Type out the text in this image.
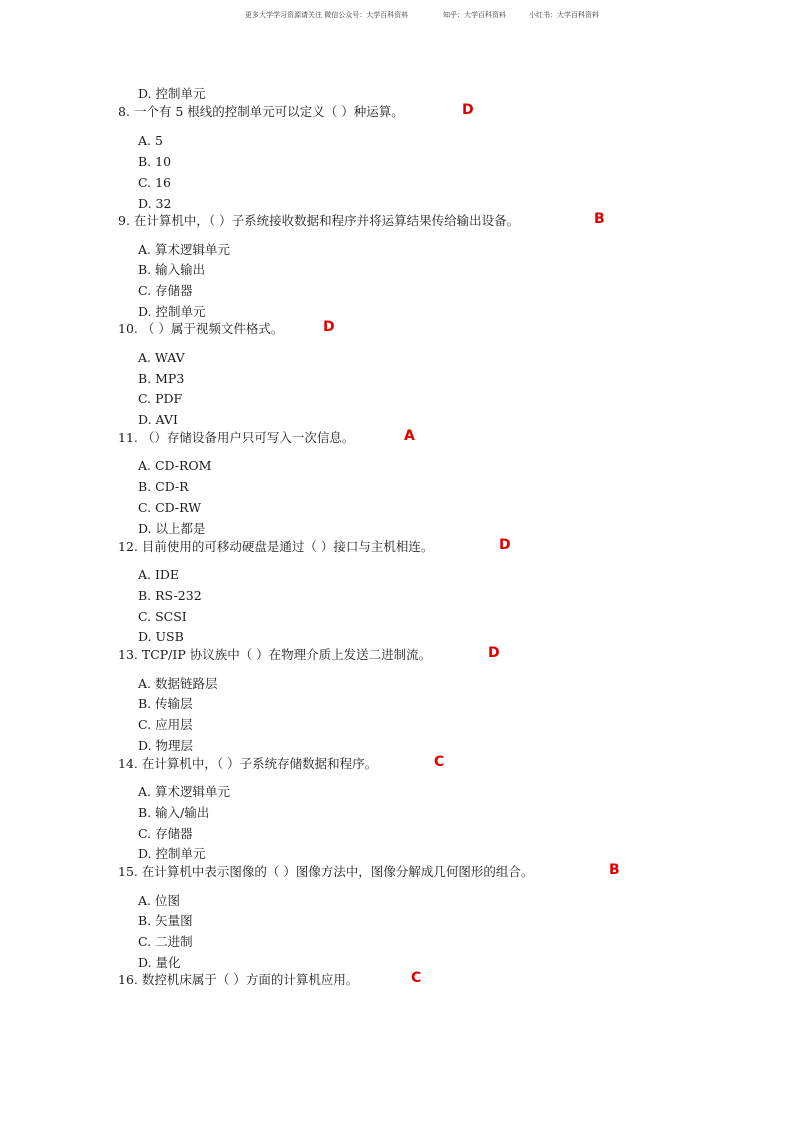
更多大学学习资源请关注 微信公众号：大学百科资料	知乎：大学百科资料	小红书：大学百科资料
D. 控制单元
8. 一个有 5 根线的控制单元可以定义（ ）种运算。	D
A. 5
B. 10
C. 16
D. 32
9. 在计算机中，（ ）子系统接收数据和程序并将运算结果传给输出设备。	B
A. 算术逻辑单元
B. 输入输出
C. 存储器
D. 控制单元
10. （ ）属于视频文件格式。	D
A. WAV
B. MP3
C. PDF
D. AVI
11. （）存储设备用户只可写入一次信息。	A
A. CD-ROM
B. CD-R
C. CD-RW
D. 以上都是
12. 目前使用的可移动硬盘是通过（ ）接口与主机相连。	D
A. IDE
B. RS-232
C. SCSI
D. USB
13. TCP/IP 协议族中（ ）在物理介质上发送二进制流。	D
A. 数据链路层
B. 传输层
C. 应用层
D. 物理层
14. 在计算机中，（ ）子系统存储数据和程序。	C
A. 算术逻辑单元
B. 输入/输出
C. 存储器
D. 控制单元
15. 在计算机中表示图像的（ ）图像方法中，图像分解成几何图形的组合。	B
A. 位图
B. 矢量图
C. 二进制
D. 量化
16. 数控机床属于（ ）方面的计算机应用。	C
